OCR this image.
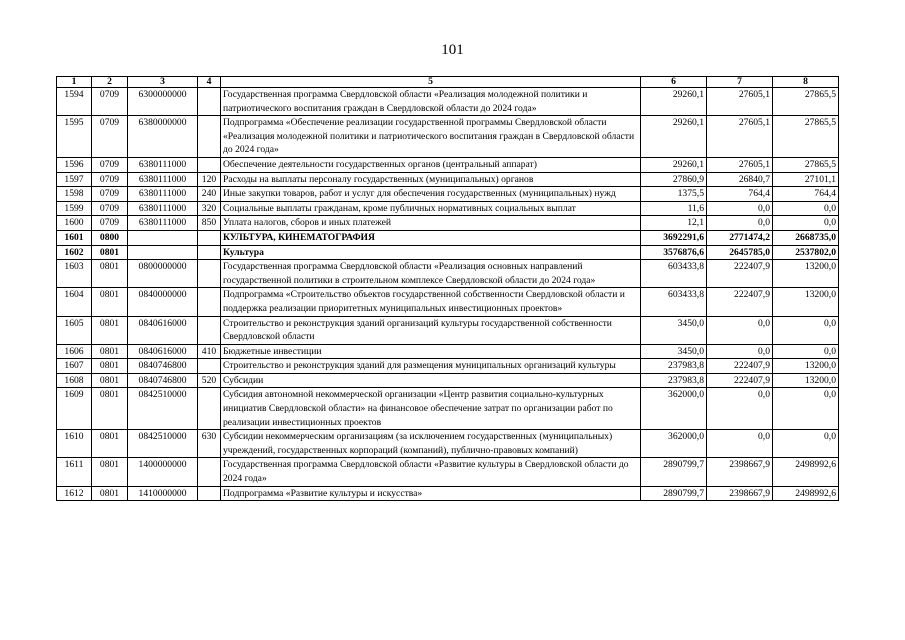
101
1	2	3	4	5	6	7	8
1594	0709	6300000000		Государственная программа Свердловской области «Реализация молодежной политики и патриотического воспитания граждан в Свердловской области до 2024 года»	29260,1	27605,1	27865,5
1595	0709	6380000000		Подпрограмма «Обеспечение реализации государственной программы Свердловской области «Реализация молодежной политики и патриотического воспитания граждан в Свердловской области до 2024 года»	29260,1	27605,1	27865,5
1596	0709	6380111000		Обеспечение деятельности государственных органов (центральный аппарат)	29260,1	27605,1	27865,5
1597	0709	6380111000	120	Расходы на выплаты персоналу государственных (муниципальных) органов	27860,9	26840,7	27101,1
1598	0709	6380111000	240	Иные закупки товаров, работ и услуг для обеспечения государственных (муниципальных) нужд	1375,5	764,4	764,4
1599	0709	6380111000	320	Социальные выплаты гражданам, кроме публичных нормативных социальных выплат	11,6	0,0	0,0
1600	0709	6380111000	850	Уплата налогов, сборов и иных платежей	12,1	0,0	0,0
1601	0800			КУЛЬТУРА, КИНЕМАТОГРАФИЯ	3692291,6	2771474,2	2668735,0
1602	0801			Культура	3576876,6	2645785,0	2537802,0
1603	0801	0800000000		Государственная программа Свердловской области «Реализация основных направлений государственной политики в строительном комплексе Свердловской области до 2024 года»	603433,8	222407,9	13200,0
1604	0801	0840000000		Подпрограмма «Строительство объектов государственной собственности Свердловской области и поддержка реализации приоритетных муниципальных инвестиционных проектов»	603433,8	222407,9	13200,0
1605	0801	0840616000		Строительство и реконструкция зданий организаций культуры государственной собственности Свердловской области	3450,0	0,0	0,0
1606	0801	0840616000	410	Бюджетные инвестиции	3450,0	0,0	0,0
1607	0801	0840746800		Строительство и реконструкция зданий для размещения муниципальных организаций культуры	237983,8	222407,9	13200,0
1608	0801	0840746800	520	Субсидии	237983,8	222407,9	13200,0
1609	0801	0842510000		Субсидия автономной некоммерческой организации «Центр развития социально-культурных инициатив Свердловской области» на финансовое обеспечение затрат по организации работ по реализации инвестиционных проектов	362000,0	0,0	0,0
1610	0801	0842510000	630	Субсидии некоммерческим организациям (за исключением государственных (муниципальных) учреждений, государственных корпораций (компаний), публично-правовых компаний)	362000,0	0,0	0,0
1611	0801	1400000000		Государственная программа Свердловской области «Развитие культуры в Свердловской области до 2024 года»	2890799,7	2398667,9	2498992,6
1612	0801	1410000000		Подпрограмма «Развитие культуры и искусства»	2890799,7	2398667,9	2498992,6
